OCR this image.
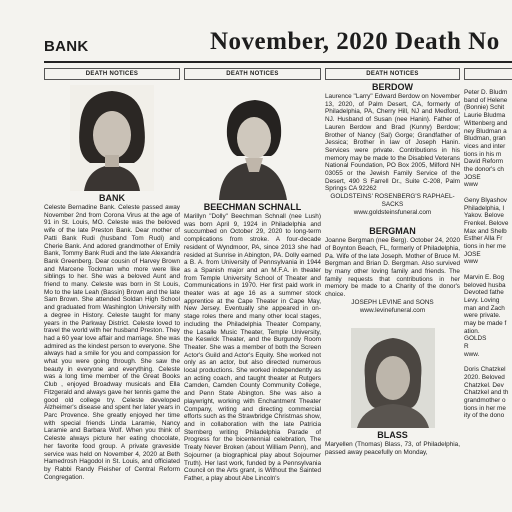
BANK	November, 2020 Death No
DEATH NOTICES
BANK
Celeste Bernadine Bank. Celeste passed away November 2nd from Corona Virus at the age of 91 in St. Louis, MO. Celeste was the beloved wife of the late Preston Bank. Dear mother of Patti Bank Rudi (husband Tom Rudi) and Cherie Bank. And adored grandmother of Emily Bank, Tommy Bank Rudi and the late Alexandra Bank Greenberg. Dear cousin of Harvey Brown and Marcene Tockman who more were like siblings to her. She was a beloved Aunt and friend to many. Celeste was born in St Louis, Mo to the late Leah (Bassin) Brown and the late Sam Brown. She attended Soldan High School and graduated from Washington University with a degree in History. Celeste taught for many years in the Parkway District. Celeste loved to travel the world with her husband Preston. They had a 60 year love affair and marriage. She was admired as the kindest person to everyone. She always had a smile for you and compassion for what you were going through. She saw the beauty in everyone and everything. Celeste was a long time member of the Great Books Club , enjoyed Broadway musicals and Ella Fitzgerald and always gave her tennis game the good old college try. Celeste developed Alzheimer's disease and spent her later years in Parc Provence. She greatly enjoyed her time with special friends Linda Laramie, Nancy Laramie and Barbara Wolf. When you think of Celeste always picture her eating chocolate, her favorite food group. A private graveside service was held on November 4, 2020 at Beth Hamedrosh Hagodol in St. Louis, and officiated by Rabbi Randy Fleisher of Central Reform Congregation.
DEATH NOTICES
BEECHMAN SCHNALL
Marillyn "Dolly" Beechman Schnall (nee Lush) was born April 9, 1924 in Philadelphia and succumbed on October 29, 2020 to long-term complications from stroke. A four-decade resident of Wyndmoor, PA, since 2013 she had resided at Sunrise in Abington, PA. Dolly earned a B. A. from University of Pennsylvania in 1944 as a Spanish major and an M.F.A. in theater from Temple University School of Theater and Communications in 1970. Her first paid work in theater was at age 16 as a summer stock apprentice at the Cape Theater in Cape May, New Jersey. Eventually she appeared in on-stage roles there and many other local stages, including the Philadelphia Theater Company, the Lasalle Music Theater, Temple University, the Keswick Theater, and the Burgundy Room Theater. She was a member of both the Screen Actor's Guild and Actor's Equity. She worked not only as an actor, but also directed numerous local productions. She worked independently as an acting coach, and taught theater at Rutgers Camden, Camden County Community College, and Penn State Abington. She was also a playwright, working with Enchantment Theater Company, writing and directing commercial efforts such as the Strawbridge Christmas show, and in collaboration with the late Patricia Sternberg writing Philadelphia Parade of Progress for the bicentennial celebration, The Treaty Never Broken (about William Penn), and Sojourner (a biographical play about Sojourner Truth). Her last work, funded by a Pennsylvania Council on the Arts grant, is Without the Sainted Father, a play about Abe Lincoln's
DEATH NOTICES
BERDOW
Laurence "Larry" Edward Berdow on November 13, 2020, of Palm Desert, CA, formerly of Philadelphia, PA, Cherry Hill, NJ and Medford, NJ. Husband of Susan (nee Hanin). Father of Lauren Berdow and Brad (Kunny) Berdow; Brother of Nancy (Sal) Gorge; Grandfather of Jessica; Brother in law of Joseph Hanin. Services were private. Contributions in his memory may be made to the Disabled Veterans National Foundation, PO Box 2005, Milford NH 03055 or the Jewish Family Service of the Desert, 490 S Farrell Dr., Suite C-208, Palm Springs CA 92262
GOLDSTEINS' ROSENBERG'S RAPHAEL-SACKS
www.goldsteinsfuneral.com
BERGMAN
Joanne Bergman (nee Berg). October 24, 2020 of Boynton Beach, FL, formerly of Philadelphia, Pa. Wife of the late Joseph. Mother of Bruce M. Bergman and Brian D. Bergman. Also survived by many other loving family and friends. The family requests that contributions in her memory be made to a Charity of the donor's choice.
JOSEPH LEVINE and SONS
www.levinefuneral.com
BLASS
Maryellen (Thomas) Blass, 73, of Philadelphia, passed away peacefully on Monday,
Peter D. Bludm
band of Helene
(Bonnie) Schit
Laurie Bludma
Wittenberg and
ney Bludman a
Bludman, gran
vices and inter
tions in his m
David Reform
the donor's ch
JOSE
www
Geny Blyashov
Philadelphia, I
Yakov. Belove
Frenkel. Belove
Max and Shelb
Esther Alla Fr
tions in her me
JOSE
www
Marvin E. Bog
beloved husba
Devoted fathe
Levy. Loving
man and Zach
were private.
may be made f
ation.
GOLDS
R
www.
Doris Chatzkel
2020. Beloved
Chatzkel. Dev
Chatzkel and th
grandmother o
tions in her me
ity of the dono
